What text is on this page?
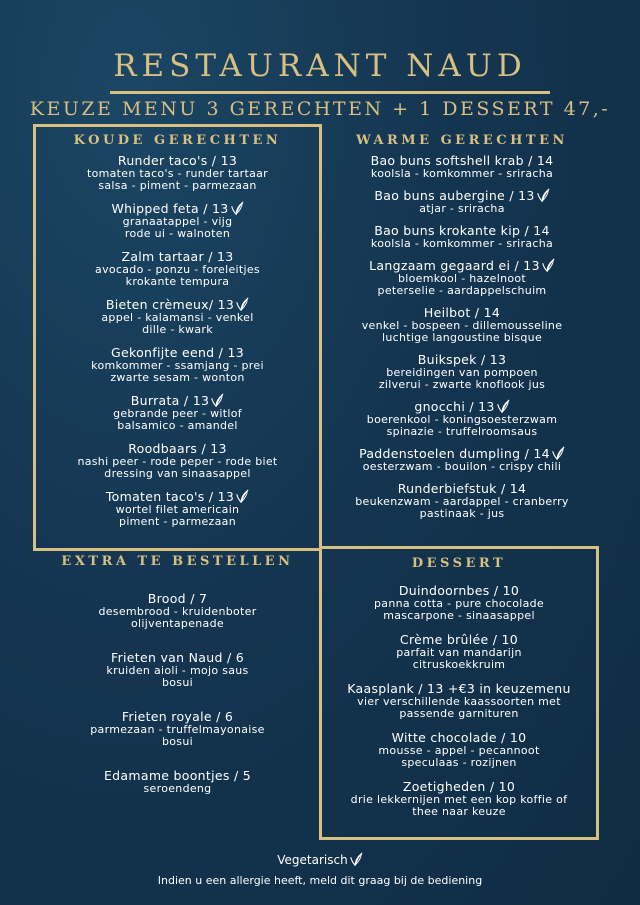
RESTAURANT NAUD
KEUZE MENU 3 GERECHTEN + 1 DESSERT 47,-
KOUDE GERECHTEN	WARME GERECHTEN
EXTRA TE BESTELLEN	DESSERT
Runder taco's / 13
tomaten taco's - runder tartaar
salsa - piment - parmezaan
Whipped feta / 13
granaatappel - vijg
rode ui - walnoten
Zalm tartaar / 13
avocado - ponzu - foreleitjes
krokante tempura
Bieten crèmeux/ 13
appel - kalamansi - venkel
dille - kwark
Gekonfijte eend / 13
komkommer - ssamjang - prei
zwarte sesam - wonton
Burrata / 13
gebrande peer - witlof
balsamico - amandel
Roodbaars / 13
nashi peer - rode peper - rode biet
dressing van sinaasappel
Tomaten taco's / 13
wortel filet americain
piment - parmezaan
Bao buns softshell krab / 14
koolsla - komkommer - sriracha
Bao buns aubergine / 13
atjar - sriracha
Bao buns krokante kip / 14
koolsla - komkommer - sriracha
Langzaam gegaard ei / 13
bloemkool - hazelnoot
peterselie - aardappelschuim
Heilbot / 14
venkel - bospeen - dillemousseline
luchtige langoustine bisque
Buikspek / 13
bereidingen van pompoen
zilverui - zwarte knoflook jus
gnocchi / 13
boerenkool - koningsoesterzwam
spinazie - truffelroomsaus
Paddenstoelen dumpling / 14
oesterzwam - bouilon - crispy chili
Runderbiefstuk / 14
beukenzwam - aardappel - cranberry
pastinaak - jus
Brood / 7
desembrood - kruidenboter
olijventapenade
Frieten van Naud / 6
kruiden aioli - mojo saus
bosui
Frieten royale / 6
parmezaan - truffelmayonaise
bosui
Edamame boontjes / 5
seroendeng
Duindoornbes / 10
panna cotta - pure chocolade
mascarpone - sinaasappel
Crème brûlée / 10
parfait van mandarijn
citruskoekkruim
Kaasplank / 13 +€3 in keuzemenu
vier verschillende kaassoorten met
passende garnituren
Witte chocolade / 10
mousse - appel - pecannoot
speculaas - rozijnen
Zoetigheden / 10
drie lekkernijen met een kop koffie of
thee naar keuze
Vegetarisch
Indien u een allergie heeft, meld dit graag bij de bediening
